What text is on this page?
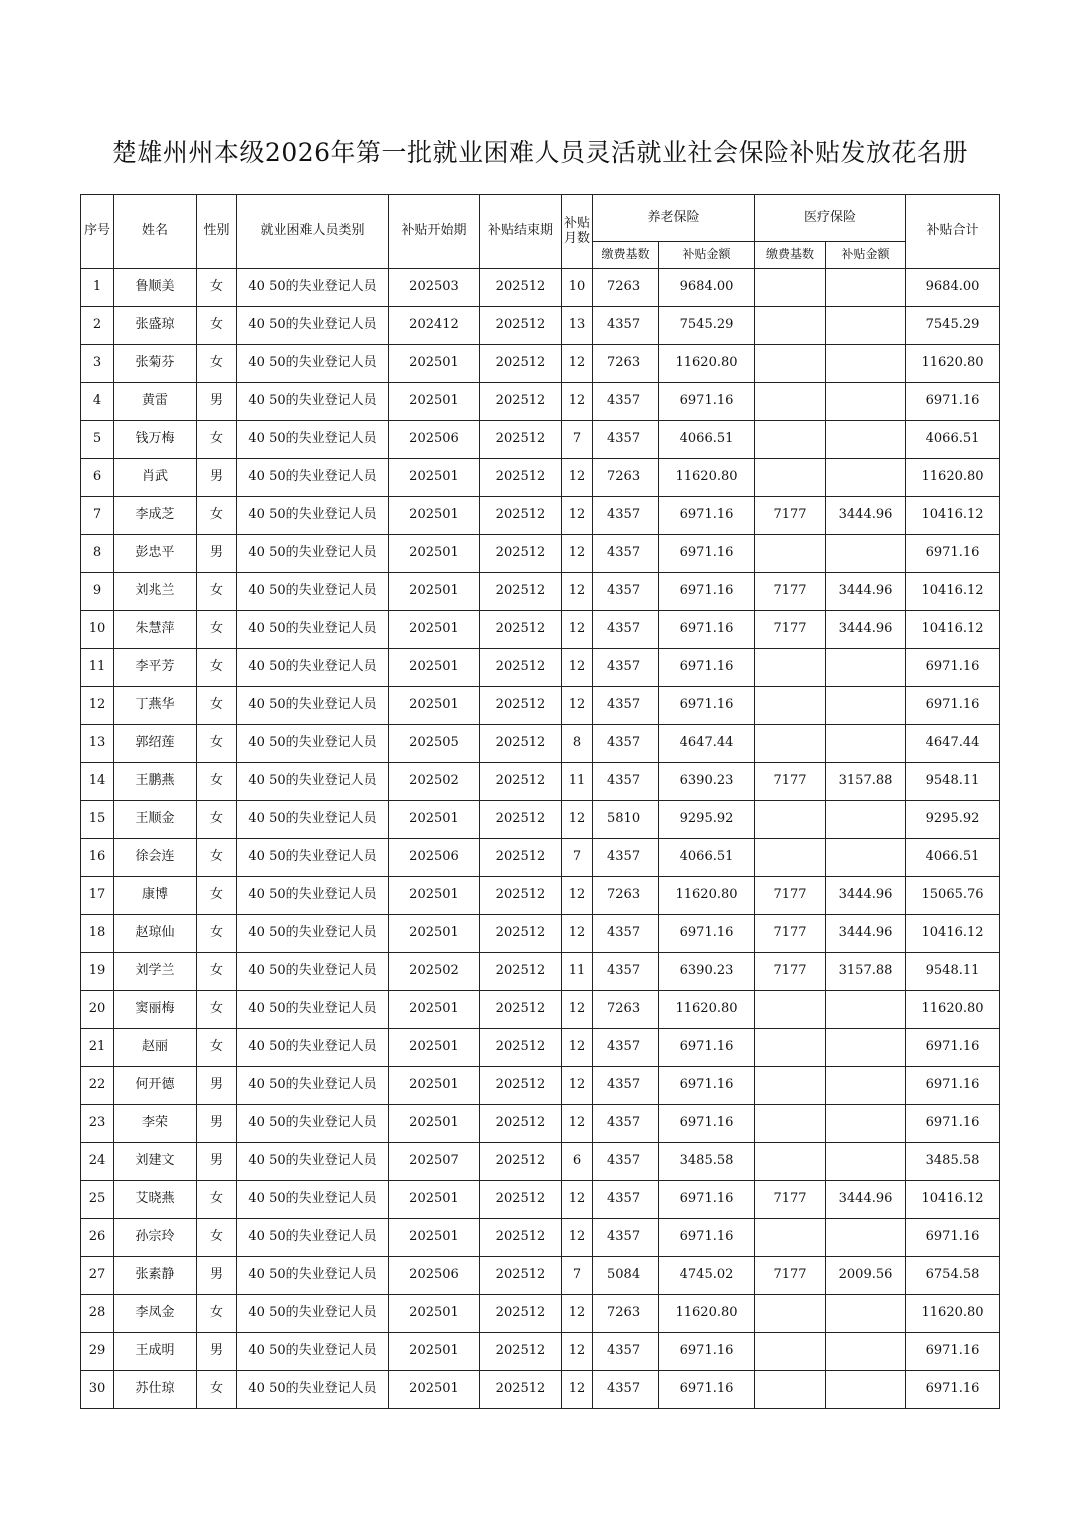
楚雄州州本级2026年第一批就业困难人员灵活就业社会保险补贴发放花名册
序号	姓名	性别	就业困难人员类别	补贴开始期	补贴结束期	补贴月数	养老保险		医疗保险		补贴合计
							缴费基数	补贴金额	缴费基数	补贴金额	
1	鲁顺美	女	40 50的失业登记人员	202503	202512	10	7263	9684.00			9684.00
2	张盛琼	女	40 50的失业登记人员	202412	202512	13	4357	7545.29			7545.29
3	张菊芬	女	40 50的失业登记人员	202501	202512	12	7263	11620.80			11620.80
4	黄雷	男	40 50的失业登记人员	202501	202512	12	4357	6971.16			6971.16
5	钱万梅	女	40 50的失业登记人员	202506	202512	7	4357	4066.51			4066.51
6	肖武	男	40 50的失业登记人员	202501	202512	12	7263	11620.80			11620.80
7	李成芝	女	40 50的失业登记人员	202501	202512	12	4357	6971.16	7177	3444.96	10416.12
8	彭忠平	男	40 50的失业登记人员	202501	202512	12	4357	6971.16			6971.16
9	刘兆兰	女	40 50的失业登记人员	202501	202512	12	4357	6971.16	7177	3444.96	10416.12
10	朱慧萍	女	40 50的失业登记人员	202501	202512	12	4357	6971.16	7177	3444.96	10416.12
11	李平芳	女	40 50的失业登记人员	202501	202512	12	4357	6971.16			6971.16
12	丁燕华	女	40 50的失业登记人员	202501	202512	12	4357	6971.16			6971.16
13	郭绍莲	女	40 50的失业登记人员	202505	202512	8	4357	4647.44			4647.44
14	王鹏燕	女	40 50的失业登记人员	202502	202512	11	4357	6390.23	7177	3157.88	9548.11
15	王顺金	女	40 50的失业登记人员	202501	202512	12	5810	9295.92			9295.92
16	徐会连	女	40 50的失业登记人员	202506	202512	7	4357	4066.51			4066.51
17	康博	女	40 50的失业登记人员	202501	202512	12	7263	11620.80	7177	3444.96	15065.76
18	赵琼仙	女	40 50的失业登记人员	202501	202512	12	4357	6971.16	7177	3444.96	10416.12
19	刘学兰	女	40 50的失业登记人员	202502	202512	11	4357	6390.23	7177	3157.88	9548.11
20	窦丽梅	女	40 50的失业登记人员	202501	202512	12	7263	11620.80			11620.80
21	赵丽	女	40 50的失业登记人员	202501	202512	12	4357	6971.16			6971.16
22	何开德	男	40 50的失业登记人员	202501	202512	12	4357	6971.16			6971.16
23	李荣	男	40 50的失业登记人员	202501	202512	12	4357	6971.16			6971.16
24	刘建文	男	40 50的失业登记人员	202507	202512	6	4357	3485.58			3485.58
25	艾晓燕	女	40 50的失业登记人员	202501	202512	12	4357	6971.16	7177	3444.96	10416.12
26	孙宗玲	女	40 50的失业登记人员	202501	202512	12	4357	6971.16			6971.16
27	张素静	男	40 50的失业登记人员	202506	202512	7	5084	4745.02	7177	2009.56	6754.58
28	李凤金	女	40 50的失业登记人员	202501	202512	12	7263	11620.80			11620.80
29	王成明	男	40 50的失业登记人员	202501	202512	12	4357	6971.16			6971.16
30	苏仕琼	女	40 50的失业登记人员	202501	202512	12	4357	6971.16			6971.16
